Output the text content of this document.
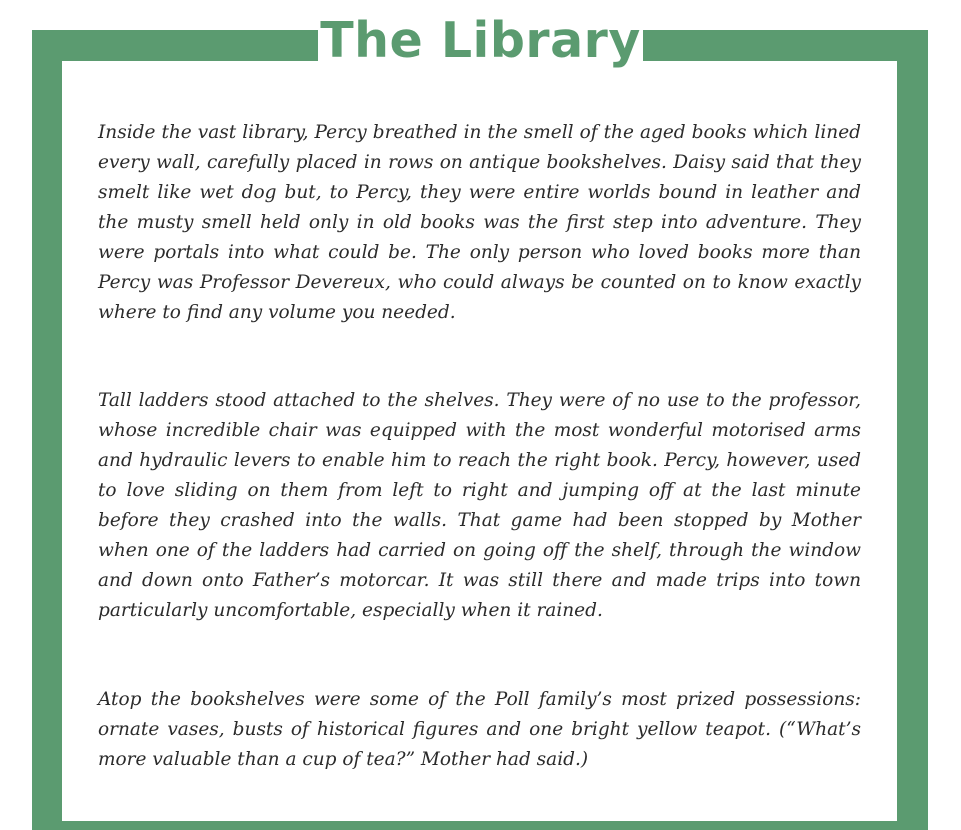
The Library

Inside the vast library, Percy breathed in the smell of the aged books which lined every wall, carefully placed in rows on antique bookshelves. Daisy said that they smelt like wet dog but, to Percy, they were entire worlds bound in leather and the musty smell held only in old books was the first step into adventure. They were portals into what could be. The only person who loved books more than Percy was Professor Devereux, who could always be counted on to know exactly where to find any volume you needed.

Tall ladders stood attached to the shelves. They were of no use to the professor, whose incredible chair was equipped with the most wonderful motorised arms and hydraulic levers to enable him to reach the right book. Percy, however, used to love sliding on them from left to right and jumping off at the last minute before they crashed into the walls. That game had been stopped by Mother when one of the ladders had carried on going off the shelf, through the window and down onto Father’s motorcar. It was still there and made trips into town particularly uncomfortable, especially when it rained.

Atop the bookshelves were some of the Poll family’s most prized possessions: ornate vases, busts of historical figures and one bright yellow teapot. (“What’s more valuable than a cup of tea?” Mother had said.)
